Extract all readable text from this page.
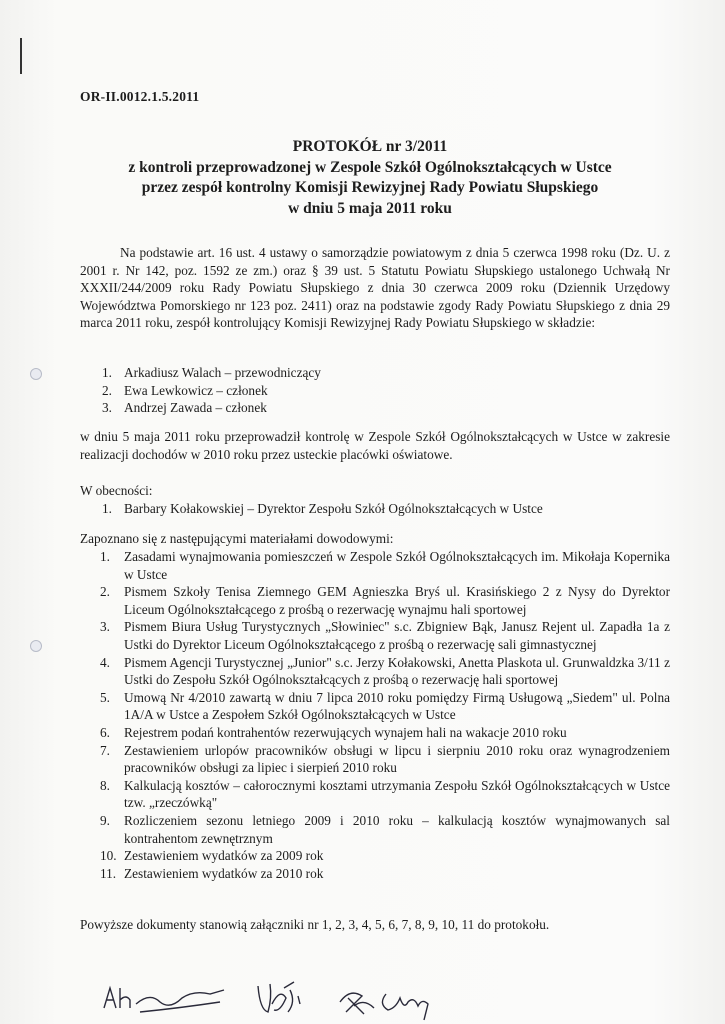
OR-II.0012.1.5.2011
PROTOKÓŁ nr 3/2011
z kontroli przeprowadzonej w Zespole Szkół Ogólnokształcących w Ustce
przez zespół kontrolny Komisji Rewizyjnej Rady Powiatu Słupskiego
w dniu 5 maja 2011 roku
Na podstawie art. 16 ust. 4 ustawy o samorządzie powiatowym z dnia 5 czerwca 1998 roku (Dz. U. z 2001 r. Nr 142, poz. 1592 ze zm.) oraz § 39 ust. 5 Statutu Powiatu Słupskiego ustalonego Uchwałą Nr XXXII/244/2009 roku Rady Powiatu Słupskiego z dnia 30 czerwca 2009 roku (Dziennik Urzędowy Województwa Pomorskiego nr 123 poz. 2411) oraz na podstawie zgody Rady Powiatu Słupskiego z dnia 29 marca 2011 roku, zespół kontrolujący Komisji Rewizyjnej Rady Powiatu Słupskiego w składzie:
1. Arkadiusz Walach – przewodniczący
2. Ewa Lewkowicz – członek
3. Andrzej Zawada – członek
w dniu 5 maja 2011 roku przeprowadził kontrolę w Zespole Szkół Ogólnokształcących w Ustce w zakresie realizacji dochodów w 2010 roku przez usteckie placówki oświatowe.
W obecności:
1. Barbary Kołakowskiej – Dyrektor Zespołu Szkół Ogólnokształcących w Ustce
Zapoznano się z następującymi materiałami dowodowymi:
1.	Zasadami wynajmowania pomieszczeń w Zespole Szkół Ogólnokształcących im. Mikołaja Kopernika w Ustce
2.	Pismem Szkoły Tenisa Ziemnego GEM Agnieszka Bryś ul. Krasińskiego 2 z Nysy do Dyrektor Liceum Ogólnokształcącego z prośbą o rezerwację wynajmu hali sportowej
3.	Pismem Biura Usług Turystycznych „Słowiniec" s.c. Zbigniew Bąk, Janusz Rejent ul. Zapadła 1a z Ustki do Dyrektor Liceum Ogólnokształcącego z prośbą o rezerwację sali gimnastycznej
4.	Pismem Agencji Turystycznej „Junior" s.c. Jerzy Kołakowski, Anetta Plaskota ul. Grunwaldzka 3/11 z Ustki do Zespołu Szkół Ogólnokształcących z prośbą o rezerwację hali sportowej
5.	Umową Nr 4/2010 zawartą w dniu 7 lipca 2010 roku pomiędzy Firmą Usługową „Siedem" ul. Polna 1A/A w Ustce a Zespołem Szkół Ogólnokształcących w Ustce
6.	Rejestrem podań kontrahentów rezerwujących wynajem hali na wakacje 2010 roku
7.	Zestawieniem urlopów pracowników obsługi w lipcu i sierpniu 2010 roku oraz wynagrodzeniem pracowników obsługi za lipiec i sierpień 2010 roku
8.	Kalkulacją kosztów – całorocznymi kosztami utrzymania Zespołu Szkół Ogólnokształcących w Ustce tzw. „rzeczówką"
9.	Rozliczeniem sezonu letniego 2009 i 2010 roku – kalkulacją kosztów wynajmowanych sal kontrahentom zewnętrznym
10. Zestawieniem wydatków za 2009 rok
11. Zestawieniem wydatków za 2010 rok
Powyższe dokumenty stanowią załączniki nr 1, 2, 3, 4, 5, 6, 7, 8, 9, 10, 11 do protokołu.
